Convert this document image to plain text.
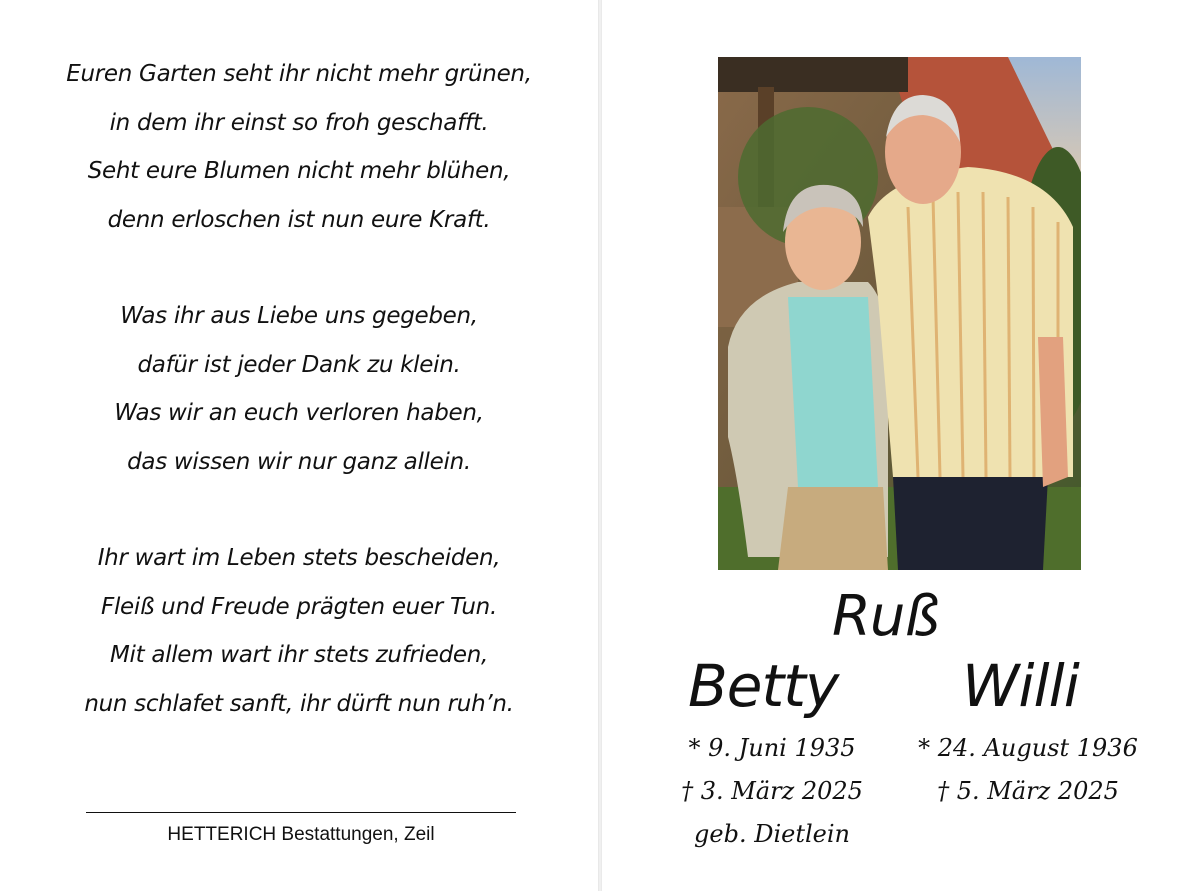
Euren Garten seht ihr nicht mehr grünen,
in dem ihr einst so froh geschafft.
Seht eure Blumen nicht mehr blühen,
denn erloschen ist nun eure Kraft.
Was ihr aus Liebe uns gegeben,
dafür ist jeder Dank zu klein.
Was wir an euch verloren haben,
das wissen wir nur ganz allein.
Ihr wart im Leben stets bescheiden,
Fleiß und Freude prägten euer Tun.
Mit allem wart ihr stets zufrieden,
nun schlafet sanft, ihr dürft nun ruh’n.
HETTERICH Bestattungen, Zeil
Ruß
Betty Willi
* 9. Juni 1935
† 3. März 2025
geb. Dietlein
* 24. August 1936
† 5. März 2025
